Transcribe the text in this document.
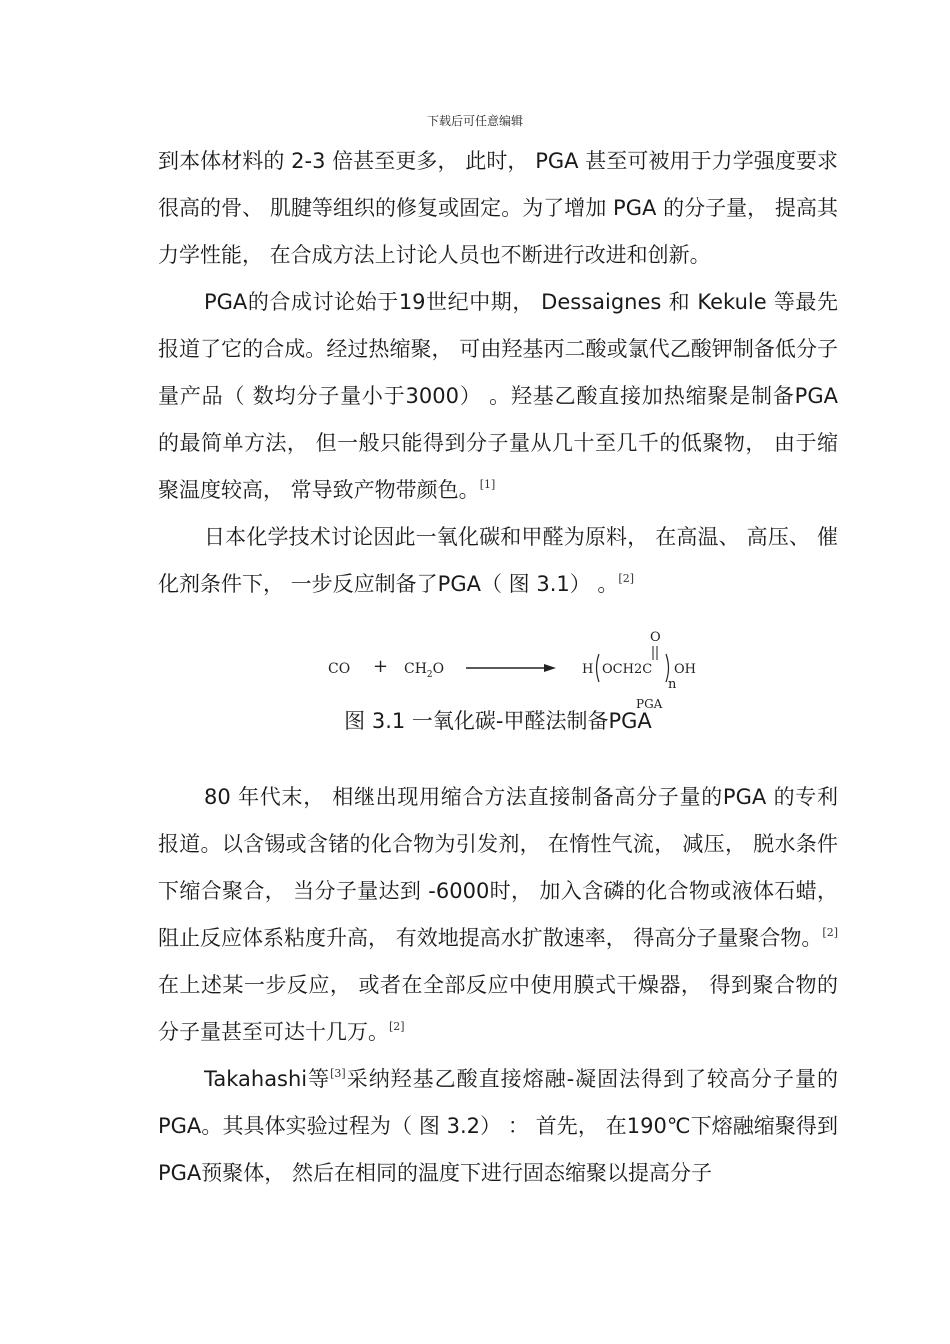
下载后可任意编辑

到本体材料的 2-3 倍甚至更多， 此时， PGA 甚至可被用于力学强度要求很高的骨、 肌腱等组织的修复或固定。为了增加 PGA 的分子量， 提高其力学性能， 在合成方法上讨论人员也不断进行改进和创新。

PGA的合成讨论始于19世纪中期， Dessaignes 和 Kekule 等最先报道了它的合成。经过热缩聚， 可由羟基丙二酸或氯代乙酸钾制备低分子量产品（ 数均分子量小于3000） 。羟基乙酸直接加热缩聚是制备PGA 的最简单方法， 但一般只能得到分子量从几十至几千的低聚物， 由于缩聚温度较高， 常导致产物带颜色。[1]

日本化学技术讨论因此一氧化碳和甲醛为原料， 在高温、 高压、 催化剂条件下， 一步反应制备了PGA（ 图 3.1） 。[2]

CO + $CH_2O$	H OCH2C OH
n
O
PGA
图 3.1 一氧化碳-甲醛法制备PGA

80 年代末， 相继出现用缩合方法直接制备高分子量的PGA 的专利报道。以含锡或含锗的化合物为引发剂， 在惰性气流， 减压， 脱水条件下缩合聚合， 当分子量达到 -6000时， 加入含磷的化合物或液体石蜡， 阻止反应体系粘度升高， 有效地提高水扩散速率， 得高分子量聚合物。[2] 在上述某一步反应， 或者在全部反应中使用膜式干燥器， 得到聚合物的分子量甚至可达十几万。[2]

Takahashi等[3]采纳羟基乙酸直接熔融-凝固法得到了较高分子量的PGA。其具体实验过程为（ 图 3.2） ： 首先， 在190℃下熔融缩聚得到PGA预聚体， 然后在相同的温度下进行固态缩聚以提高分子
